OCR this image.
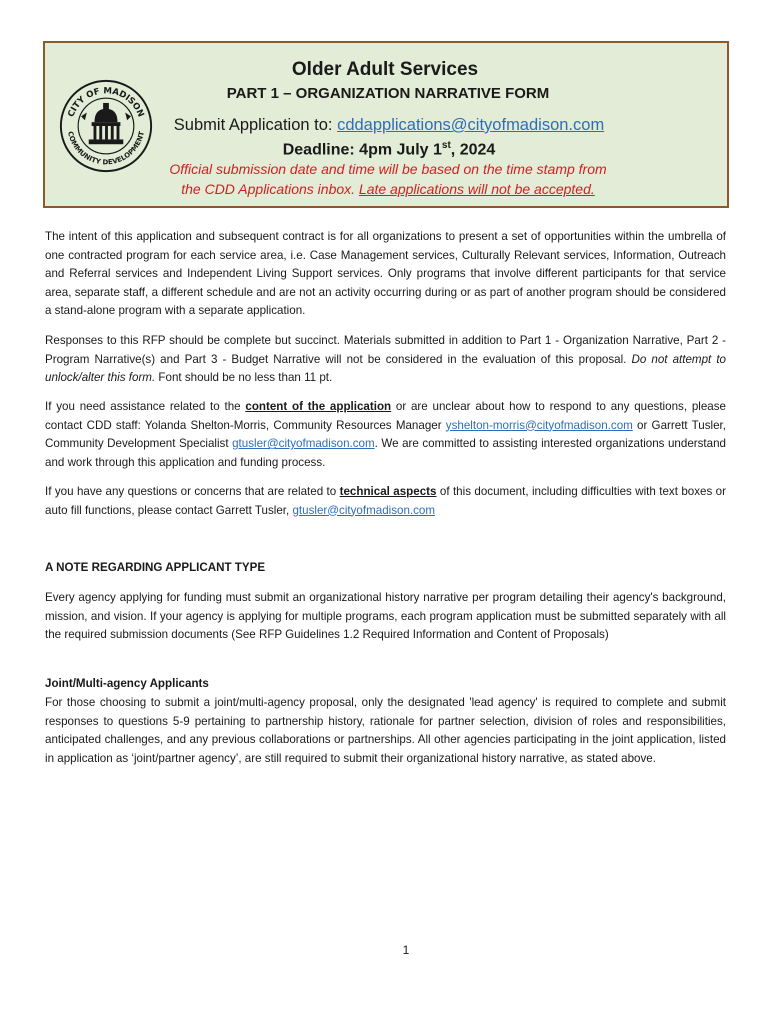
CITY OF MADISON
COMMUNITY DEVELOPMENT
Older Adult Services
PART 1 – ORGANIZATION NARRATIVE FORM
Submit Application to: cddapplications@cityofmadison.com
Deadline: 4pm July 1st, 2024
Official submission date and time will be based on the time stamp from
the CDD Applications inbox. Late applications will not be accepted.

The intent of this application and subsequent contract is for all organizations to present a set of opportunities within the umbrella of one contracted program for each service area, i.e. Case Management services, Culturally Relevant services, Information, Outreach and Referral services and Independent Living Support services. Only programs that involve different participants for that service area, separate staff, a different schedule and are not an activity occurring during or as part of another program should be considered a stand-alone program with a separate application.

Responses to this RFP should be complete but succinct. Materials submitted in addition to Part 1 - Organization Narrative, Part 2 - Program Narrative(s) and Part 3 - Budget Narrative will not be considered in the evaluation of this proposal. Do not attempt to unlock/alter this form. Font should be no less than 11 pt.

If you need assistance related to the content of the application or are unclear about how to respond to any questions, please contact CDD staff: Yolanda Shelton-Morris, Community Resources Manager yshelton-morris@cityofmadison.com or Garrett Tusler, Community Development Specialist gtusler@cityofmadison.com. We are committed to assisting interested organizations understand and work through this application and funding process.

If you have any questions or concerns that are related to technical aspects of this document, including difficulties with text boxes or auto fill functions, please contact Garrett Tusler, gtusler@cityofmadison.com

A NOTE REGARDING APPLICANT TYPE

Every agency applying for funding must submit an organizational history narrative per program detailing their agency's background, mission, and vision. If your agency is applying for multiple programs, each program application must be submitted separately with all the required submission documents (See RFP Guidelines 1.2 Required Information and Content of Proposals)

Joint/Multi-agency Applicants

For those choosing to submit a joint/multi-agency proposal, only the designated 'lead agency' is required to complete and submit responses to questions 5-9 pertaining to partnership history, rationale for partner selection, division of roles and responsibilities, anticipated challenges, and any previous collaborations or partnerships. All other agencies participating in the joint application, listed in application as ‘joint/partner agency’, are still required to submit their organizational history narrative, as stated above.

1
